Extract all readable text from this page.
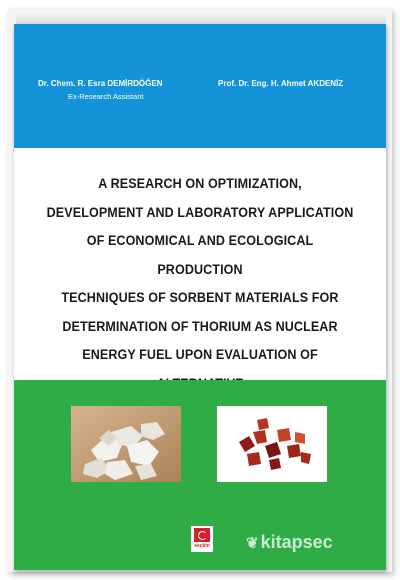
Dr. Chem. R. Esra DEMİRDÖĞEN
Ex-Research Assistant
Prof. Dr. Eng. H. Ahmet AKDENİZ
A RESEARCH ON OPTIMIZATION,
DEVELOPMENT AND LABORATORY APPLICATION
OF ECONOMICAL AND ECOLOGICAL PRODUCTION
TECHNIQUES OF SORBENT MATERIALS FOR
DETERMINATION OF THORIUM AS NUCLEAR
ENERGY FUEL UPON EVALUATION OF
seçkin ❦ kitapsec
